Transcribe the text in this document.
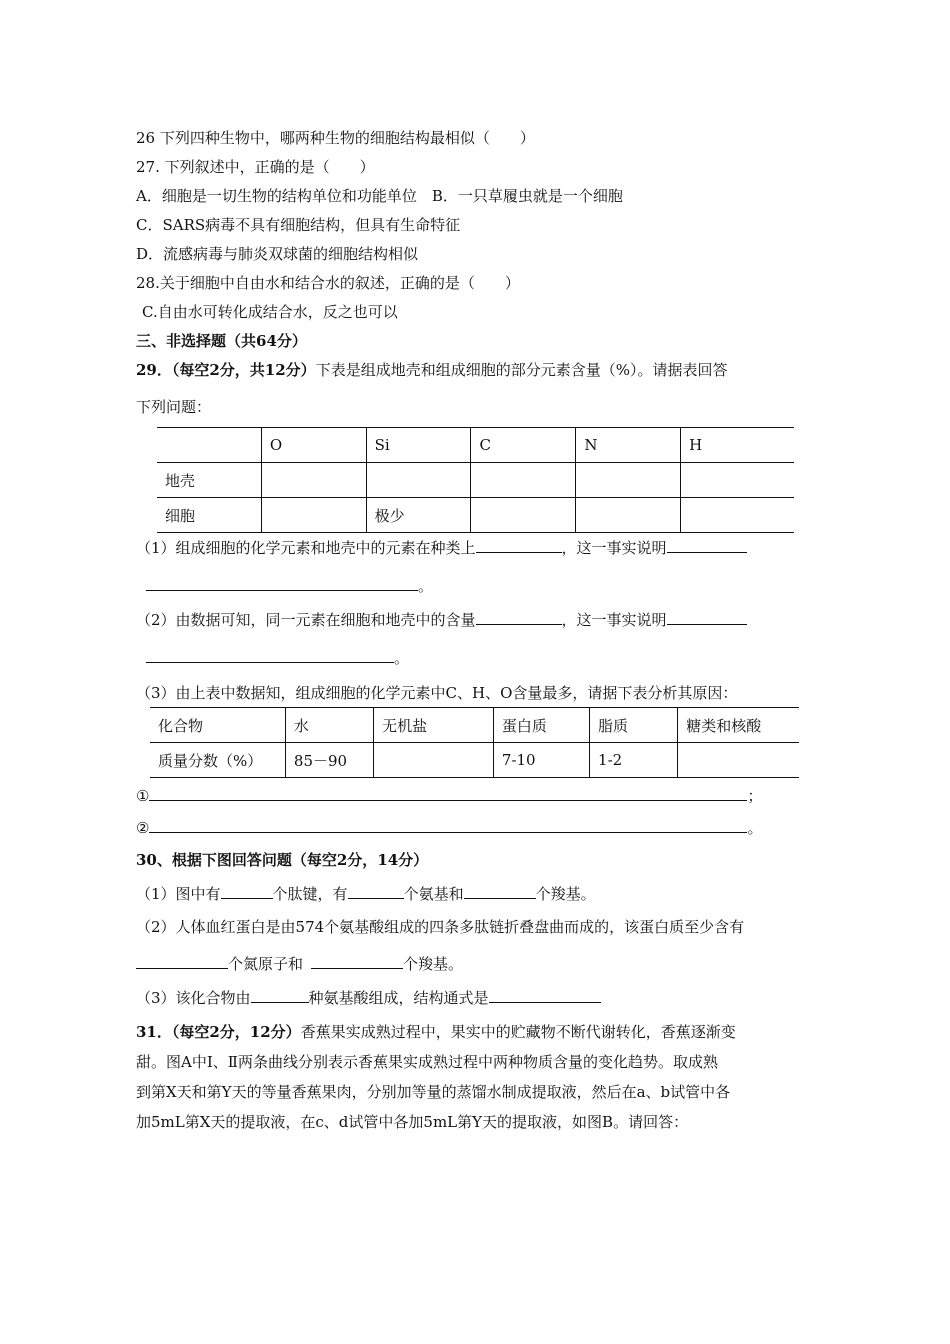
26 下列四种生物中，哪两种生物的细胞结构最相似（　　）
27. 下列叙述中，正确的是（　　）
A．细胞是一切生物的结构单位和功能单位　B．一只草履虫就是一个细胞
C．SARS病毒不具有细胞结构，但具有生命特征
D．流感病毒与肺炎双球菌的细胞结构相似
28.关于细胞中自由水和结合水的叙述，正确的是（　　）
C.自由水可转化成结合水，反之也可以
三、非选择题（共64分）
29．（每空2分，共12分）下表是组成地壳和组成细胞的部分元素含量（%）。请据表回答
下列问题：
	O	Si	C	N	H
地壳					
细胞		极少			
（1）组成细胞的化学元素和地壳中的元素在种类上	，这一事实说明
。
（2）由数据可知，同一元素在细胞和地壳中的含量	，这一事实说明
。
（3）由上表中数据知，组成细胞的化学元素中C、H、O含量最多，请据下表分析其原因：
化合物	水	无机盐	蛋白质	脂质	糖类和核酸
质量分数（%）	85－90		7-10	1-2	
①	；
②	。
30、根据下图回答问题（每空2分，14分）
（1）图中有	个肽键，有	个氨基和	个羧基。
（2）人体血红蛋白是由574个氨基酸组成的四条多肽链折叠盘曲而成的，该蛋白质至少含有
个氮原子和	个羧基。
（3）该化合物由	种氨基酸组成，结构通式是
31．（每空2分，12分）香蕉果实成熟过程中，果实中的贮藏物不断代谢转化，香蕉逐渐变
甜。图A中Ⅰ、Ⅱ两条曲线分别表示香蕉果实成熟过程中两种物质含量的变化趋势。取成熟
到第X天和第Y天的等量香蕉果肉，分别加等量的蒸馏水制成提取液，然后在a、b试管中各
加5mL第X天的提取液，在c、d试管中各加5mL第Y天的提取液，如图B。请回答：
